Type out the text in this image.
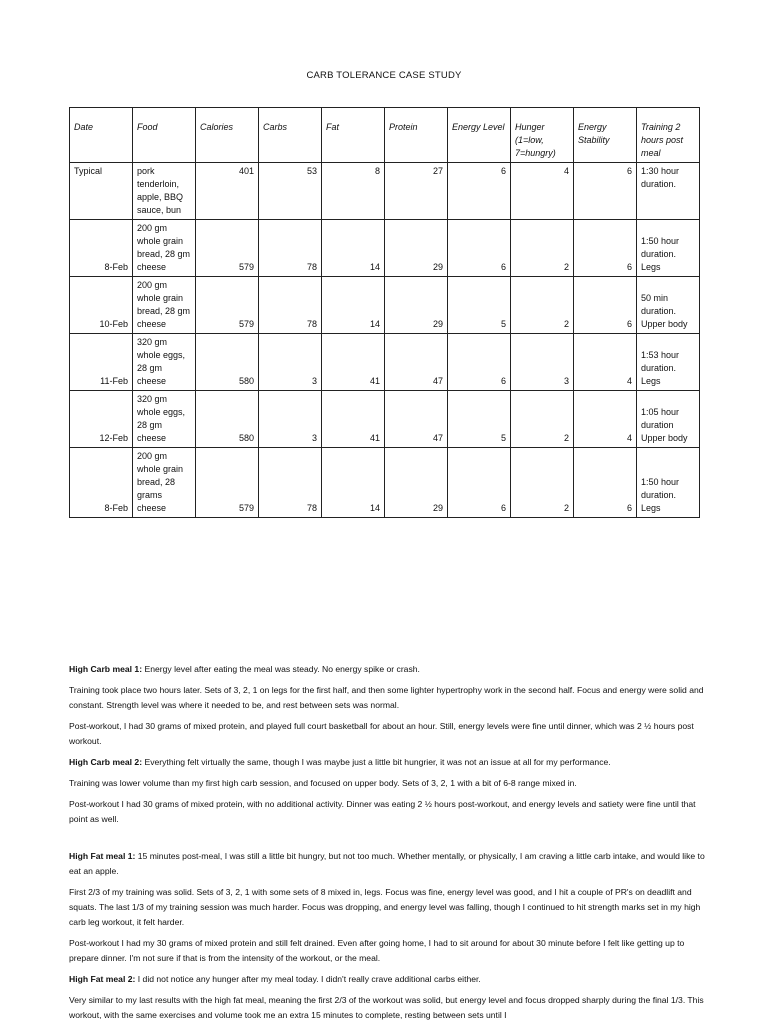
CARB TOLERANCE CASE STUDY
Date	Food	Calories	Carbs	Fat	Protein	Energy Level	Hunger (1=low, 7=hungry)	Energy Stability	Training 2 hours post meal
Typical	pork tenderloin, apple, BBQ sauce, bun	401	53	8	27	6	4	6	1:30 hour duration.
8-Feb	200 gm whole grain bread, 28 gm cheese	579	78	14	29	6	2	6	1:50 hour duration. Legs
10-Feb	200 gm whole grain bread, 28 gm cheese	579	78	14	29	5	2	6	50 min duration. Upper body
11-Feb	320 gm whole eggs, 28 gm cheese	580	3	41	47	6	3	4	1:53 hour duration. Legs
12-Feb	320 gm whole eggs, 28 gm cheese	580	3	41	47	5	2	4	1:05 hour duration Upper body
8-Feb	200 gm whole grain bread, 28 grams cheese	579	78	14	29	6	2	6	1:50 hour duration. Legs

High Carb meal 1: Energy level after eating the meal was steady. No energy spike or crash.

Training took place two hours later. Sets of 3, 2, 1 on legs for the first half, and then some lighter hypertrophy work in the second half. Focus and energy were solid and constant. Strength level was where it needed to be, and rest between sets was normal.

Post-workout, I had 30 grams of mixed protein, and played full court basketball for about an hour. Still, energy levels were fine until dinner, which was 2 ½ hours post workout.

High Carb meal 2: Everything felt virtually the same, though I was maybe just a little bit hungrier, it was not an issue at all for my performance.

Training was lower volume than my first high carb session, and focused on upper body. Sets of 3, 2, 1 with a bit of 6-8 range mixed in.

Post-workout I had 30 grams of mixed protein, with no additional activity. Dinner was eating 2 ½ hours post-workout, and energy levels and satiety were fine until that point as well.

High Fat meal 1: 15 minutes post-meal, I was still a little bit hungry, but not too much. Whether mentally, or physically, I am craving a little carb intake, and would like to eat an apple.

First 2/3 of my training was solid. Sets of 3, 2, 1 with some sets of 8 mixed in, legs. Focus was fine, energy level was good, and I hit a couple of PR's on deadlift and squats. The last 1/3 of my training session was much harder. Focus was dropping, and energy level was falling, though I continued to hit strength marks set in my high carb leg workout, it felt harder.

Post-workout I had my 30 grams of mixed protein and still felt drained. Even after going home, I had to sit around for about 30 minute before I felt like getting up to prepare dinner. I'm not sure if that is from the intensity of the workout, or the meal.

High Fat meal 2: I did not notice any hunger after my meal today. I didn't really crave additional carbs either.

Very similar to my last results with the high fat meal, meaning the first 2/3 of the workout was solid, but energy level and focus dropped sharply during the final 1/3. This workout, with the same exercises and volume took me an extra 15 minutes to complete, resting between sets until I
